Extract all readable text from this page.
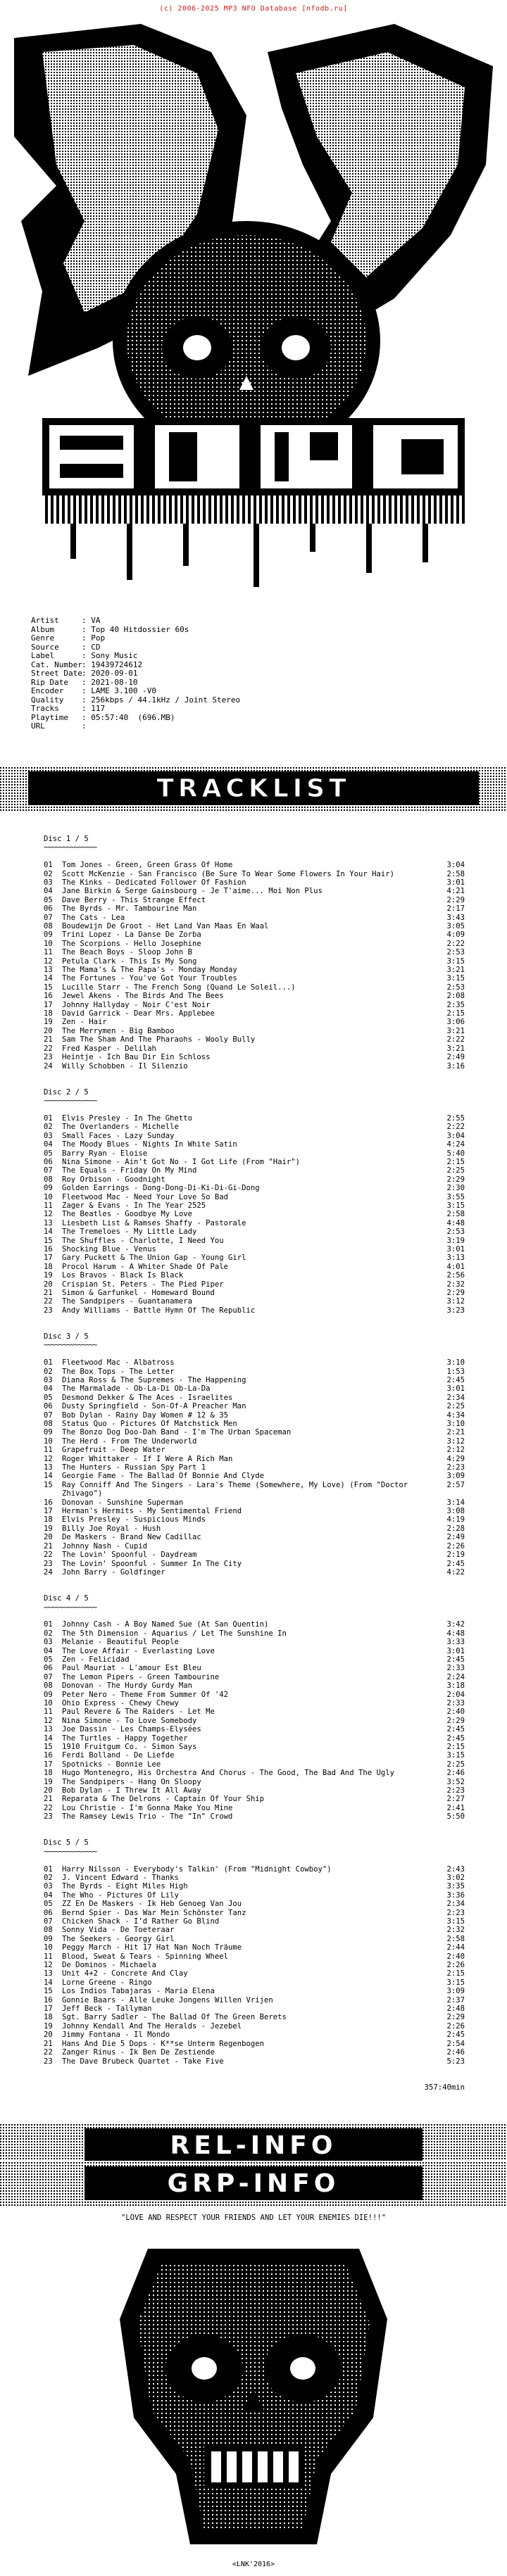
(c) 2006-2025 MP3 NFO Database [nfodb.ru]
Artist	: VA
Album	: Top 40 Hitdossier 60s
Genre	: Pop
Source	: CD
Label	: Sony Music
Cat. Number : 19439724612
Street Date : 2020-09-01
Rip Date	: 2021-08-10
Encoder	: LAME 3.100 -V0
Quality	: 256kbps / 44.1kHz / Joint Stereo
Tracks	: 117
Playtime	: 05:57:40  (696.MB)
URL	:
TRACKLIST
Disc 1 / 5
~~~~~~~~~~~~~~
01	Tom Jones - Green, Green Grass Of Home	3:04
02	Scott McKenzie - San Francisco (Be Sure To Wear Some Flowers In Your Hair)	2:58
03	The Kinks - Dedicated Follower Of Fashion	3:01
04	Jane Birkin & Serge Gainsbourg - Je T'aime... Moi Non Plus	4:21
05	Dave Berry - This Strange Effect	2:29
06	The Byrds - Mr. Tambourine Man	2:17
07	The Cats - Lea	3:43
08	Boudewijn De Groot - Het Land Van Maas En Waal	3:05
09	Trini Lopez - La Danse De Zorba	4:09
10	The Scorpions - Hello Josephine	2:22
11	The Beach Boys - Sloop John B	2:53
12	Petula Clark - This Is My Song	3:15
13	The Mama's & The Papa's - Monday Monday	3:21
14	The Fortunes - You've Got Your Troubles	3:15
15	Lucille Starr - The French Song (Quand Le Soleil...)	2:53
16	Jewel Akens - The Birds And The Bees	2:08
17	Johnny Hallyday - Noir C'est Noir	2:35
18	David Garrick - Dear Mrs. Applebee	2:15
19	Zen - Hair	3:06
20	The Merrymen - Big Bamboo	3:21
21	Sam The Sham And The Pharaohs - Wooly Bully	2:22
22	Fred Kasper - Delilah	3:21
23	Heintje - Ich Bau Dir Ein Schloss	2:49
24	Willy Schobben - Il Silenzio	3:16
Disc 2 / 5
~~~~~~~~~~~~~~
01	Elvis Presley - In The Ghetto	2:55
02	The Overlanders - Michelle	2:22
03	Small Faces - Lazy Sunday	3:04
04	The Moody Blues - Nights In White Satin	4:24
05	Barry Ryan - Eloise	5:40
06	Nina Simone - Ain't Got No - I Got Life (From "Hair")	2:15
07	The Equals - Friday On My Mind	2:25
08	Roy Orbison - Goodnight	2:29
09	Golden Earrings - Dong-Dong-Di-Ki-Di-Gi-Dong	2:30
10	Fleetwood Mac - Need Your Love So Bad	3:55
11	Zager & Evans - In The Year 2525	3:15
12	The Beatles - Goodbye My Love	2:58
13	Liesbeth List & Ramses Shaffy - Pastorale	4:48
14	The Tremeloes - My Little Lady	2:53
15	The Shuffles - Charlotte, I Need You	3:19
16	Shocking Blue - Venus	3:01
17	Gary Puckett & The Union Gap - Young Girl	3:13
18	Procol Harum - A Whiter Shade Of Pale	4:01
19	Los Bravos - Black Is Black	2:56
20	Crispian St. Peters - The Pied Piper	2:32
21	Simon & Garfunkel - Homeward Bound	2:29
22	The Sandpipers - Guantanamera	3:12
23	Andy Williams - Battle Hymn Of The Republic	3:23
Disc 3 / 5
~~~~~~~~~~~~~~
01	Fleetwood Mac - Albatross	3:10
02	The Box Tops - The Letter	1:53
03	Diana Ross & The Supremes - The Happening	2:45
04	The Marmalade - Ob-La-Di Ob-La-Da	3:01
05	Desmond Dekker & The Aces - Israelites	2:34
06	Dusty Springfield - Son-Of-A Preacher Man	2:25
07	Bob Dylan - Rainy Day Women # 12 & 35	4:34
08	Status Quo - Pictures Of Matchstick Men	3:10
09	The Bonzo Dog Doo-Dah Band - I'm The Urban Spaceman	2:21
10	The Herd - From The Underworld	3:12
11	Grapefruit - Deep Water	2:12
12	Roger Whittaker - If I Were A Rich Man	4:29
13	The Hunters - Russian Spy Part 1	2:23
14	Georgie Fame - The Ballad Of Bonnie And Clyde	3:09
15	Ray Conniff And The Singers - Lara's Theme (Somewhere, My Love) (From "Doctor Zhivago")
2:57
16	Donovan - Sunshine Superman	3:14
17	Herman's Hermits - My Sentimental Friend	3:08
18	Elvis Presley - Suspicious Minds	4:19
19	Billy Joe Royal - Hush	2:28
20	De Maskers - Brand New Cadillac	2:49
21	Johnny Nash - Cupid	2:26
22	The Lovin' Spoonful - Daydream	2:19
23	The Lovin' Spoonful - Summer In The City	2:45
24	John Barry - Goldfinger	4:22
Disc 4 / 5
~~~~~~~~~~~~~~
01	Johnny Cash - A Boy Named Sue (At San Quentin)	3:42
02	The 5th Dimension - Aquarius / Let The Sunshine In	4:48
03	Melanie - Beautiful People	3:33
04	The Love Affair - Everlasting Love	3:01
05	Zen - Felicidad	2:45
06	Paul Mauriat - L'amour Est Bleu	2:33
07	The Lemon Pipers - Green Tambourine	2:24
08	Donovan - The Hurdy Gurdy Man	3:18
09	Peter Nero - Theme From Summer Of '42	2:04
10	Ohio Express - Chewy Chewy	2:33
11	Paul Revere & The Raiders - Let Me	2:40
12	Nina Simone - To Love Somebody	2:29
13	Joe Dassin - Les Champs-Elysées	2:45
14	The Turtles - Happy Together	2:45
15	1910 Fruitgum Co. - Simon Says	2:15
16	Ferdi Bolland - De Liefde	3:15
17	Spotnicks - Bonnie Lee	2:25
18	Hugo Montenegro, His Orchestra And Chorus - The Good, The Bad And The Ugly	2:46
19	The Sandpipers - Hang On Sloopy	3:52
20	Bob Dylan - I Threw It All Away	2:23
21	Reparata & The Delrons - Captain Of Your Ship	2:27
22	Lou Christie - I'm Gonna Make You Mine	2:41
23	The Ramsey Lewis Trio - The "In" Crowd	5:50
Disc 5 / 5
~~~~~~~~~~~~~~
01	Harry Nilsson - Everybody's Talkin' (From "Midnight Cowboy")	2:43
02	J. Vincent Edward - Thanks	3:02
03	The Byrds - Eight Miles High	3:35
04	The Who - Pictures Of Lily	3:36
05	ZZ En De Maskers - Ik Heb Genoeg Van Jou	2:34
06	Bernd Spier - Das War Mein Schönster Tanz	2:23
07	Chicken Shack - I'd Rather Go Blind	3:15
08	Sonny Vida - De Toeteraar	2:32
09	The Seekers - Georgy Girl	2:58
10	Peggy March - Hit 17 Hat Nan Noch Träume	2:44
11	Blood, Sweat & Tears - Spinning Wheel	2:40
12	De Dominos - Michaela	2:26
13	Unit 4+2 - Concrete And Clay	2:15
14	Lorne Greene - Ringo	3:15
15	Los Indios Tabajaras - Maria Elena	3:09
16	Gonnie Baars - Alle Leuke Jongens Willen Vrijen	2:37
17	Jeff Beck - Tallyman	2:48
18	Sgt. Barry Sadler - The Ballad Of The Green Berets	2:29
19	Johnny Kendall And The Heralds - Jezebel	2:26
20	Jimmy Fontana - Il Mondo	2:45
21	Hans And Die 5 Dops - K**se Unterm Regenbogen	2:54
22	Zanger Rinus - Ik Ben De Zestiende	2:46
23	The Dave Brubeck Quartet - Take Five	5:23
357:40min
REL-INFO
GRP-INFO
"LOVE AND RESPECT YOUR FRIENDS AND LET YOUR ENEMIES DIE!!!"
<LNK'2016>
